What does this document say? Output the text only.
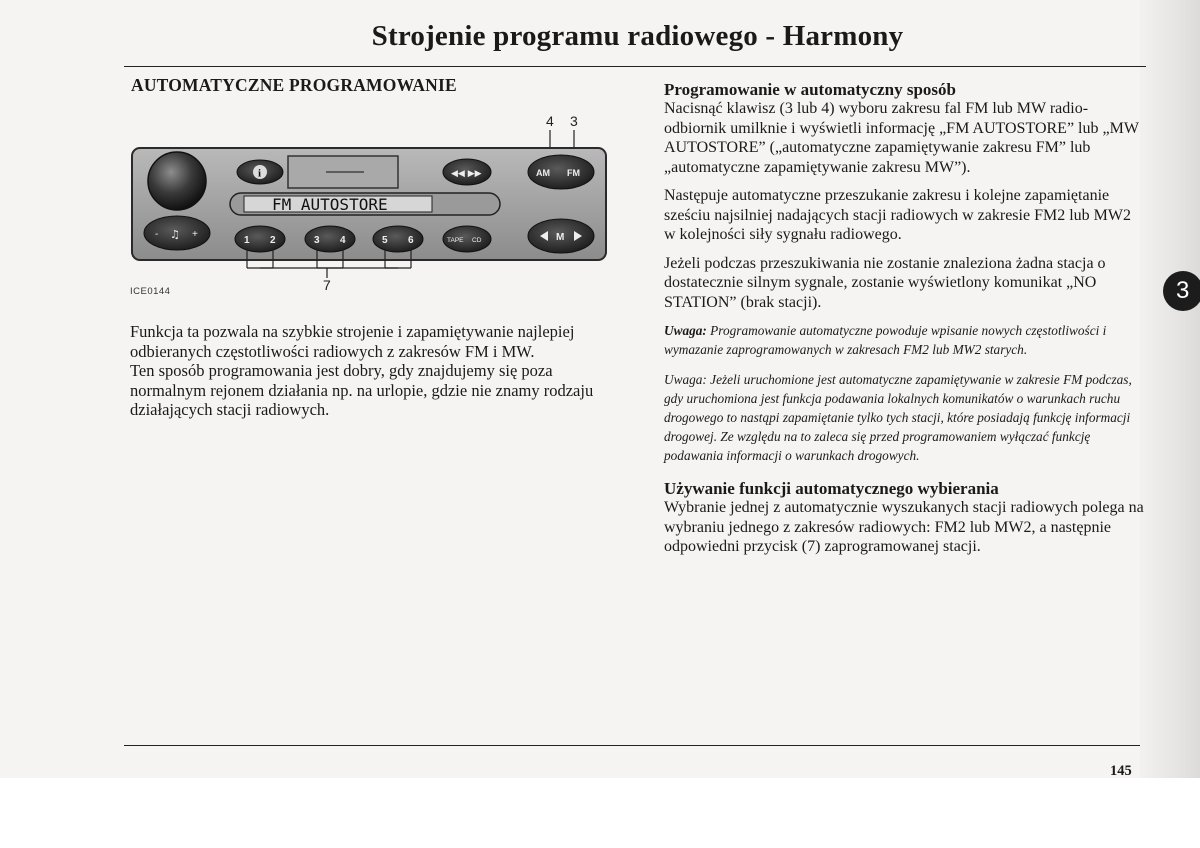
Strojenie programu radiowego - Harmony
AUTOMATYCZNE PROGRAMOWANIE
4 3
i	◀◀ ▶▶	AM FM
FM AUTOSTORE
- ♫ +
1 2	3 4	5 6	TAPE CD	M
7
ICE0144

Funkcja ta pozwala na szybkie strojenie i zapamiętywanie najlepiej odbieranych częstotliwości radiowych z zakresów FM i MW.

Ten sposób programowania jest dobry, gdy znajdujemy się poza normalnym rejonem działania np. na urlopie, gdzie nie znamy rodzaju działających stacji radiowych.

Programowanie w automatyczny sposób

Nacisnąć klawisz (3 lub 4) wyboru zakresu fal FM lub MW radio- odbiornik umilknie i wyświetli informację „FM AUTOSTORE” lub „MW AUTOSTORE” („automatyczne zapamiętywanie zakresu FM” lub „automatyczne zapamiętywanie zakresu MW”).

Następuje automatyczne przeszukanie zakresu i kolejne zapamiętanie sześciu najsilniej nadających stacji radiowych w zakresie FM2 lub MW2 w kolejności siły sygnału radiowego.

Jeżeli podczas przeszukiwania nie zostanie znaleziona żadna stacja o dostatecznie silnym sygnale, zostanie wyświetlony komunikat „NO STATION” (brak stacji).

Uwaga: Programowanie automatyczne powoduje wpisanie nowych częstotliwości i wymazanie zaprogramowanych w zakresach FM2 lub MW2 starych.

Uwaga: Jeżeli uruchomione jest automatyczne zapamiętywanie w zakresie FM podczas, gdy uruchomiona jest funkcja podawania lokalnych komunikatów o warunkach ruchu drogowego to nastąpi zapamiętanie tylko tych stacji, które posiadają funkcję informacji drogowej. Ze względu na to zaleca się przed programowaniem wyłączać funkcję podawania informacji o warunkach drogowych.

Używanie funkcji automatycznego wybierania

Wybranie jednej z automatycznie wyszukanych stacji radiowych polega na wybraniu jednego z zakresów radiowych: FM2 lub MW2, a następnie odpowiedni przycisk (7) zaprogramowanej stacji.

3
145
